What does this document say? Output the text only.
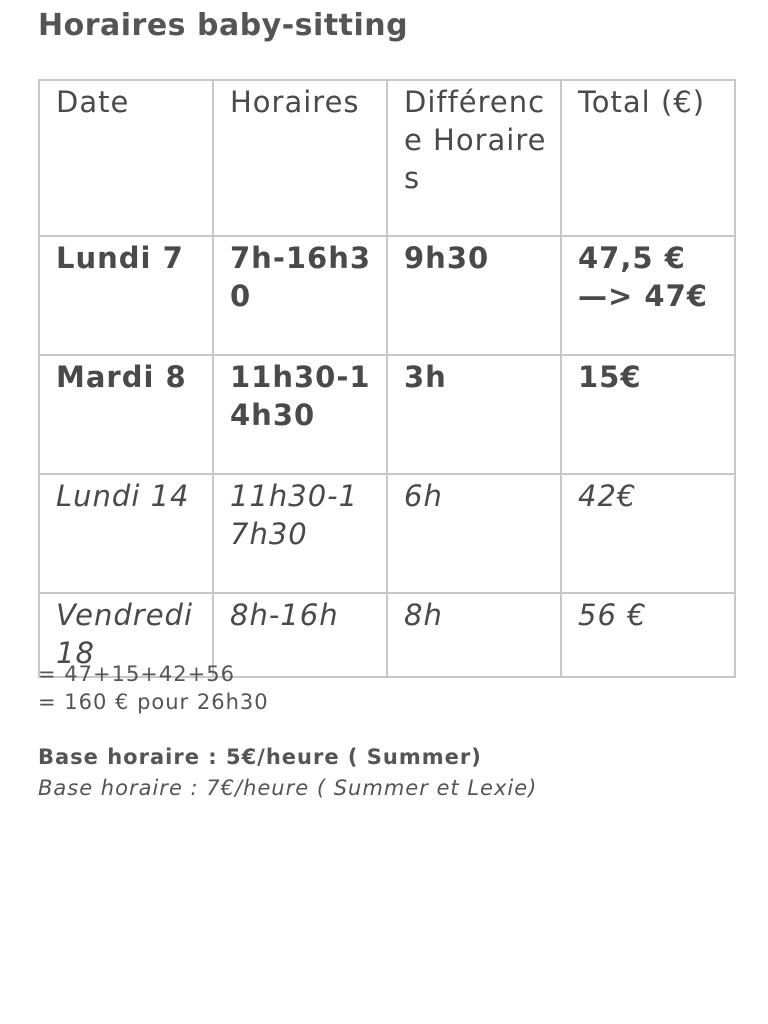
Horaires baby-sitting
Date	Horaires	Différence Horaires	Total (€)
Lundi 7	7h-16h30	9h30	47,5 € —> 47€
Mardi 8	11h30-14h30	3h	15€
Lundi 14	11h30-17h30	6h	42€
Vendredi 18	8h-16h	8h	56 €

= 47+15+42+56

= 160 € pour 26h30

Base horaire : 5€/heure ( Summer)

Base horaire : 7€/heure ( Summer et Lexie)
